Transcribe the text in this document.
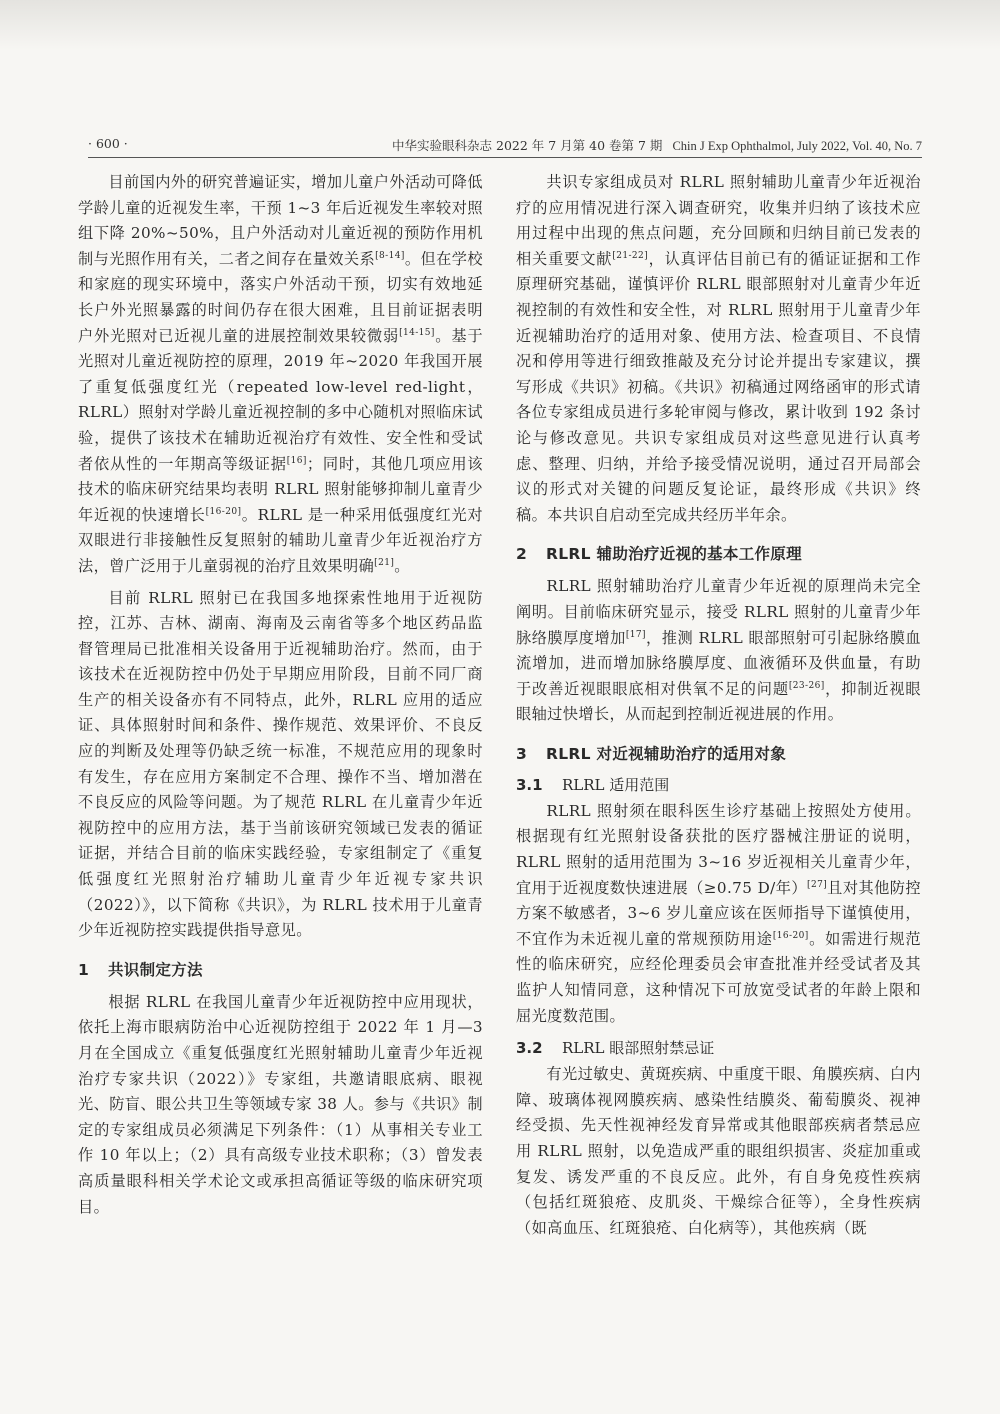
· 600 ·	中华实验眼科杂志 2022 年 7 月第 40 卷第 7 期 Chin J Exp Ophthalmol, July 2022, Vol. 40, No. 7

目前国内外的研究普遍证实，增加儿童户外活动可降低学龄儿童的近视发生率，干预 1~3 年后近视发生率较对照组下降 20%~50%，且户外活动对儿童近视的预防作用机制与光照作用有关，二者之间存在量效关系[8-14]。但在学校和家庭的现实环境中，落实户外活动干预，切实有效地延长户外光照暴露的时间仍存在很大困难，且目前证据表明户外光照对已近视儿童的进展控制效果较微弱[14-15]。基于光照对儿童近视防控的原理，2019 年~2020 年我国开展了重复低强度红光（repeated low-level red-light，RLRL）照射对学龄儿童近视控制的多中心随机对照临床试验，提供了该技术在辅助近视治疗有效性、安全性和受试者依从性的一年期高等级证据[16]；同时，其他几项应用该技术的临床研究结果均表明 RLRL 照射能够抑制儿童青少年近视的快速增长[16-20]。RLRL 是一种采用低强度红光对双眼进行非接触性反复照射的辅助儿童青少年近视治疗方法，曾广泛用于儿童弱视的治疗且效果明确[21]。

目前 RLRL 照射已在我国多地探索性地用于近视防控，江苏、吉林、湖南、海南及云南省等多个地区药品监督管理局已批准相关设备用于近视辅助治疗。然而，由于该技术在近视防控中仍处于早期应用阶段，目前不同厂商生产的相关设备亦有不同特点，此外，RLRL 应用的适应证、具体照射时间和条件、操作规范、效果评价、不良反应的判断及处理等仍缺乏统一标准，不规范应用的现象时有发生，存在应用方案制定不合理、操作不当、增加潜在不良反应的风险等问题。为了规范 RLRL 在儿童青少年近视防控中的应用方法，基于当前该研究领域已发表的循证证据，并结合目前的临床实践经验，专家组制定了《重复低强度红光照射治疗辅助儿童青少年近视专家共识（2022）》，以下简称《共识》，为 RLRL 技术用于儿童青少年近视防控实践提供指导意见。

1 共识制定方法

根据 RLRL 在我国儿童青少年近视防控中应用现状，依托上海市眼病防治中心近视防控组于 2022 年 1 月—3 月在全国成立《重复低强度红光照射辅助儿童青少年近视治疗专家共识（2022）》专家组，共邀请眼底病、眼视光、防盲、眼公共卫生等领域专家 38 人。参与《共识》制定的专家组成员必须满足下列条件：（1）从事相关专业工作 10 年以上；（2）具有高级专业技术职称；（3）曾发表高质量眼科相关学术论文或承担高循证等级的临床研究项目。

共识专家组成员对 RLRL 照射辅助儿童青少年近视治疗的应用情况进行深入调查研究，收集并归纳了该技术应用过程中出现的焦点问题，充分回顾和归纳目前已发表的相关重要文献[21-22]，认真评估目前已有的循证证据和工作原理研究基础，谨慎评价 RLRL 眼部照射对儿童青少年近视控制的有效性和安全性，对 RLRL 照射用于儿童青少年近视辅助治疗的适用对象、使用方法、检查项目、不良情况和停用等进行细致推敲及充分讨论并提出专家建议，撰写形成《共识》初稿。《共识》初稿通过网络函审的形式请各位专家组成员进行多轮审阅与修改，累计收到 192 条讨论与修改意见。共识专家组成员对这些意见进行认真考虑、整理、归纳，并给予接受情况说明，通过召开局部会议的形式对关键的问题反复论证，最终形成《共识》终稿。本共识自启动至完成共经历半年余。

2 RLRL 辅助治疗近视的基本工作原理

RLRL 照射辅助治疗儿童青少年近视的原理尚未完全阐明。目前临床研究显示，接受 RLRL 照射的儿童青少年脉络膜厚度增加[17]，推测 RLRL 眼部照射可引起脉络膜血流增加，进而增加脉络膜厚度、血液循环及供血量，有助于改善近视眼眼底相对供氧不足的问题[23-26]，抑制近视眼眼轴过快增长，从而起到控制近视进展的作用。

3 RLRL 对近视辅助治疗的适用对象
3.1 RLRL 适用范围

RLRL 照射须在眼科医生诊疗基础上按照处方使用。根据现有红光照射设备获批的医疗器械注册证的说明，RLRL 照射的适用范围为 3~16 岁近视相关儿童青少年，宜用于近视度数快速进展（≥0.75 D/年）[27]且对其他防控方案不敏感者，3~6 岁儿童应该在医师指导下谨慎使用，不宜作为未近视儿童的常规预防用途[16-20]。如需进行规范性的临床研究，应经伦理委员会审查批准并经受试者及其监护人知情同意，这种情况下可放宽受试者的年龄上限和屈光度数范围。

3.2 RLRL 眼部照射禁忌证

有光过敏史、黄斑疾病、中重度干眼、角膜疾病、白内障、玻璃体视网膜疾病、感染性结膜炎、葡萄膜炎、视神经受损、先天性视神经发育异常或其他眼部疾病者禁忌应用 RLRL 照射，以免造成严重的眼组织损害、炎症加重或复发、诱发严重的不良反应。此外，有自身免疫性疾病（包括红斑狼疮、皮肌炎、干燥综合征等），全身性疾病（如高血压、红斑狼疮、白化病等），其他疾病（既
